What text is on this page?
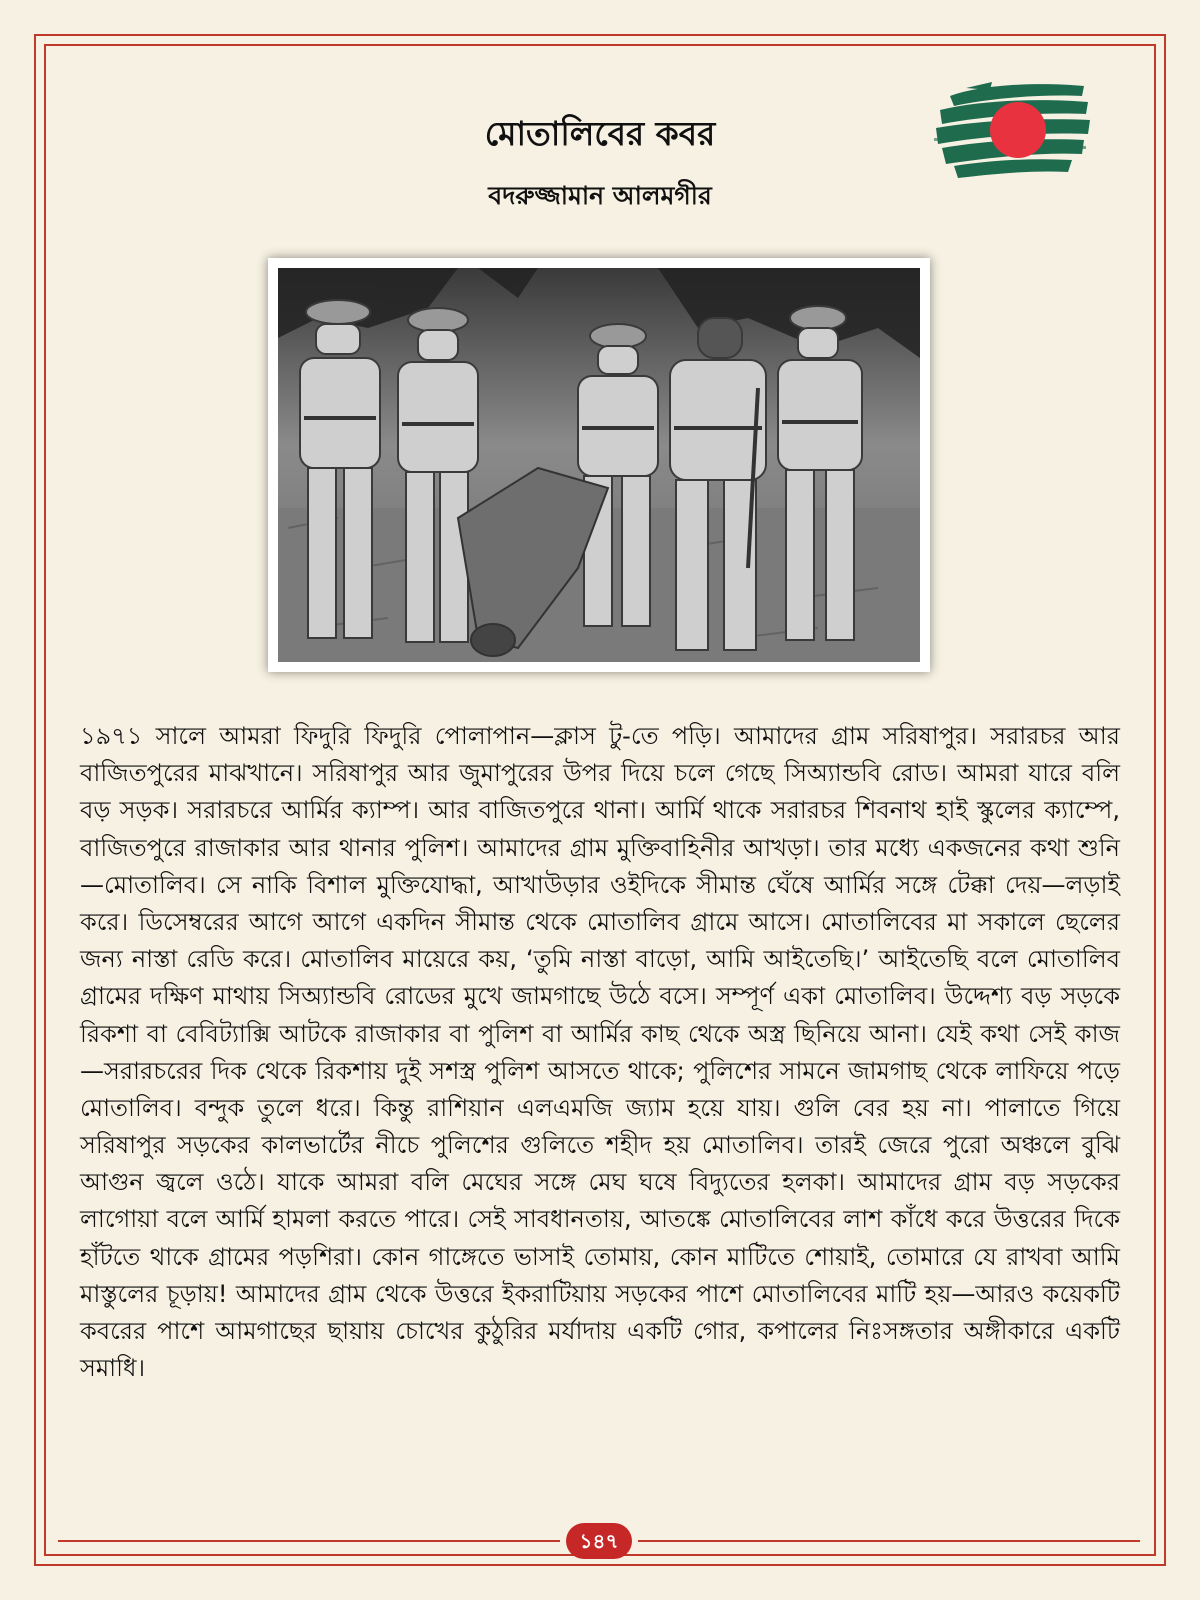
মোতালিবের কবর
বদরুজ্জামান আলমগীর

১৯৭১ সালে আমরা ফিদুরি ফিদুরি পোলাপান—ক্লাস টু-তে পড়ি। আমাদের গ্রাম সরিষাপুর। সরারচর আর বাজিতপুরের মাঝখানে। সরিষাপুর আর জুমাপুরের উপর দিয়ে চলে গেছে সিঅ্যান্ডবি রোড। আমরা যারে বলি বড় সড়ক। সরারচরে আর্মির ক্যাম্প। আর বাজিতপুরে থানা। আর্মি থাকে সরারচর শিবনাথ হাই স্কুলের ক্যাম্পে, বাজিতপুরে রাজাকার আর থানার পুলিশ। আমাদের গ্রাম মুক্তিবাহিনীর আখড়া। তার মধ্যে একজনের কথা শুনি—মোতালিব। সে নাকি বিশাল মুক্তিযোদ্ধা, আখাউড়ার ওইদিকে সীমান্ত ঘেঁষে আর্মির সঙ্গে টেক্কা দেয়—লড়াই করে। ডিসেম্বরের আগে আগে একদিন সীমান্ত থেকে মোতালিব গ্রামে আসে। মোতালিবের মা সকালে ছেলের জন্য নাস্তা রেডি করে। মোতালিব মায়েরে কয়, ‘তুমি নাস্তা বাড়ো, আমি আইতেছি।’ আইতেছি বলে মোতালিব গ্রামের দক্ষিণ মাথায় সিঅ্যান্ডবি রোডের মুখে জামগাছে উঠে বসে। সম্পূর্ণ একা মোতালিব। উদ্দেশ্য বড় সড়কে রিকশা বা বেবিট্যাক্সি আটকে রাজাকার বা পুলিশ বা আর্মির কাছ থেকে অস্ত্র ছিনিয়ে আনা। যেই কথা সেই কাজ—সরারচরের দিক থেকে রিকশায় দুই সশস্ত্র পুলিশ আসতে থাকে; পুলিশের সামনে জামগাছ থেকে লাফিয়ে পড়ে মোতালিব। বন্দুক তুলে ধরে। কিন্তু রাশিয়ান এলএমজি জ্যাম হয়ে যায়। গুলি বের হয় না। পালাতে গিয়ে সরিষাপুর সড়কের কালভার্টের নীচে পুলিশের গুলিতে শহীদ হয় মোতালিব। তারই জেরে পুরো অঞ্চলে বুঝি আগুন জ্বলে ওঠে। যাকে আমরা বলি মেঘের সঙ্গে মেঘ ঘষে বিদ্যুতের হলকা। আমাদের গ্রাম বড় সড়কের লাগোয়া বলে আর্মি হামলা করতে পারে। সেই সাবধানতায়, আতঙ্কে মোতালিবের লাশ কাঁধে করে উত্তরের দিকে হাঁটতে থাকে গ্রামের পড়শিরা। কোন গাঙ্গেতে ভাসাই তোমায়, কোন মাটিতে শোয়াই, তোমারে যে রাখবা আমি মাস্তুলের চূড়ায়! আমাদের গ্রাম থেকে উত্তরে ইকরাটিয়ায় সড়কের পাশে মোতালিবের মাটি হয়—আরও কয়েকটি কবরের পাশে আমগাছের ছায়ায় চোখের কুঠুরির মর্যাদায় একটি গোর, কপালের নিঃসঙ্গতার অঙ্গীকারে একটি সমাধি।

১৪৭
